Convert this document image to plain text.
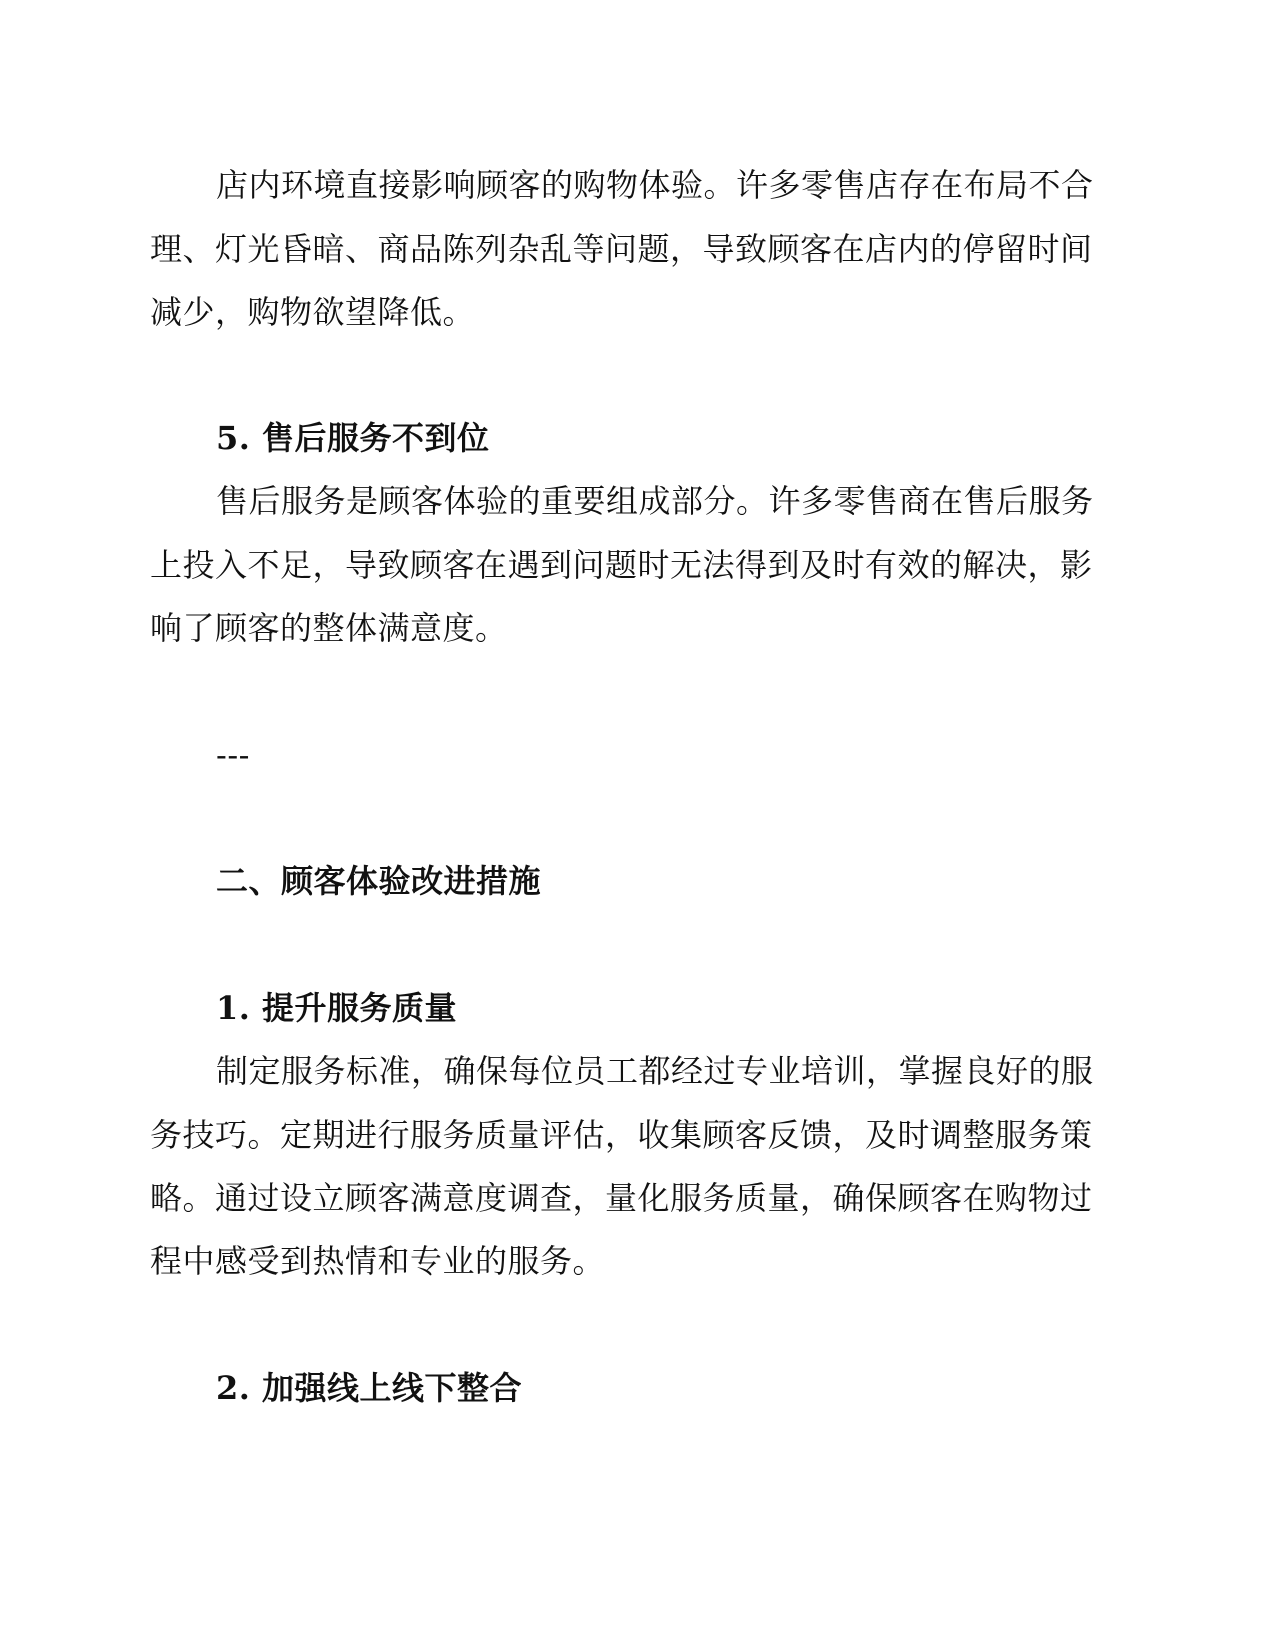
店内环境直接影响顾客的购物体验。许多零售店存在布局不合
理、灯光昏暗、商品陈列杂乱等问题，导致顾客在店内的停留时间
减少，购物欲望降低。
5. 售后服务不到位
售后服务是顾客体验的重要组成部分。许多零售商在售后服务
上投入不足，导致顾客在遇到问题时无法得到及时有效的解决，影
响了顾客的整体满意度。
---
二、顾客体验改进措施
1. 提升服务质量
制定服务标准，确保每位员工都经过专业培训，掌握良好的服
务技巧。定期进行服务质量评估，收集顾客反馈，及时调整服务策
略。通过设立顾客满意度调查，量化服务质量，确保顾客在购物过
程中感受到热情和专业的服务。
2. 加强线上线下整合
